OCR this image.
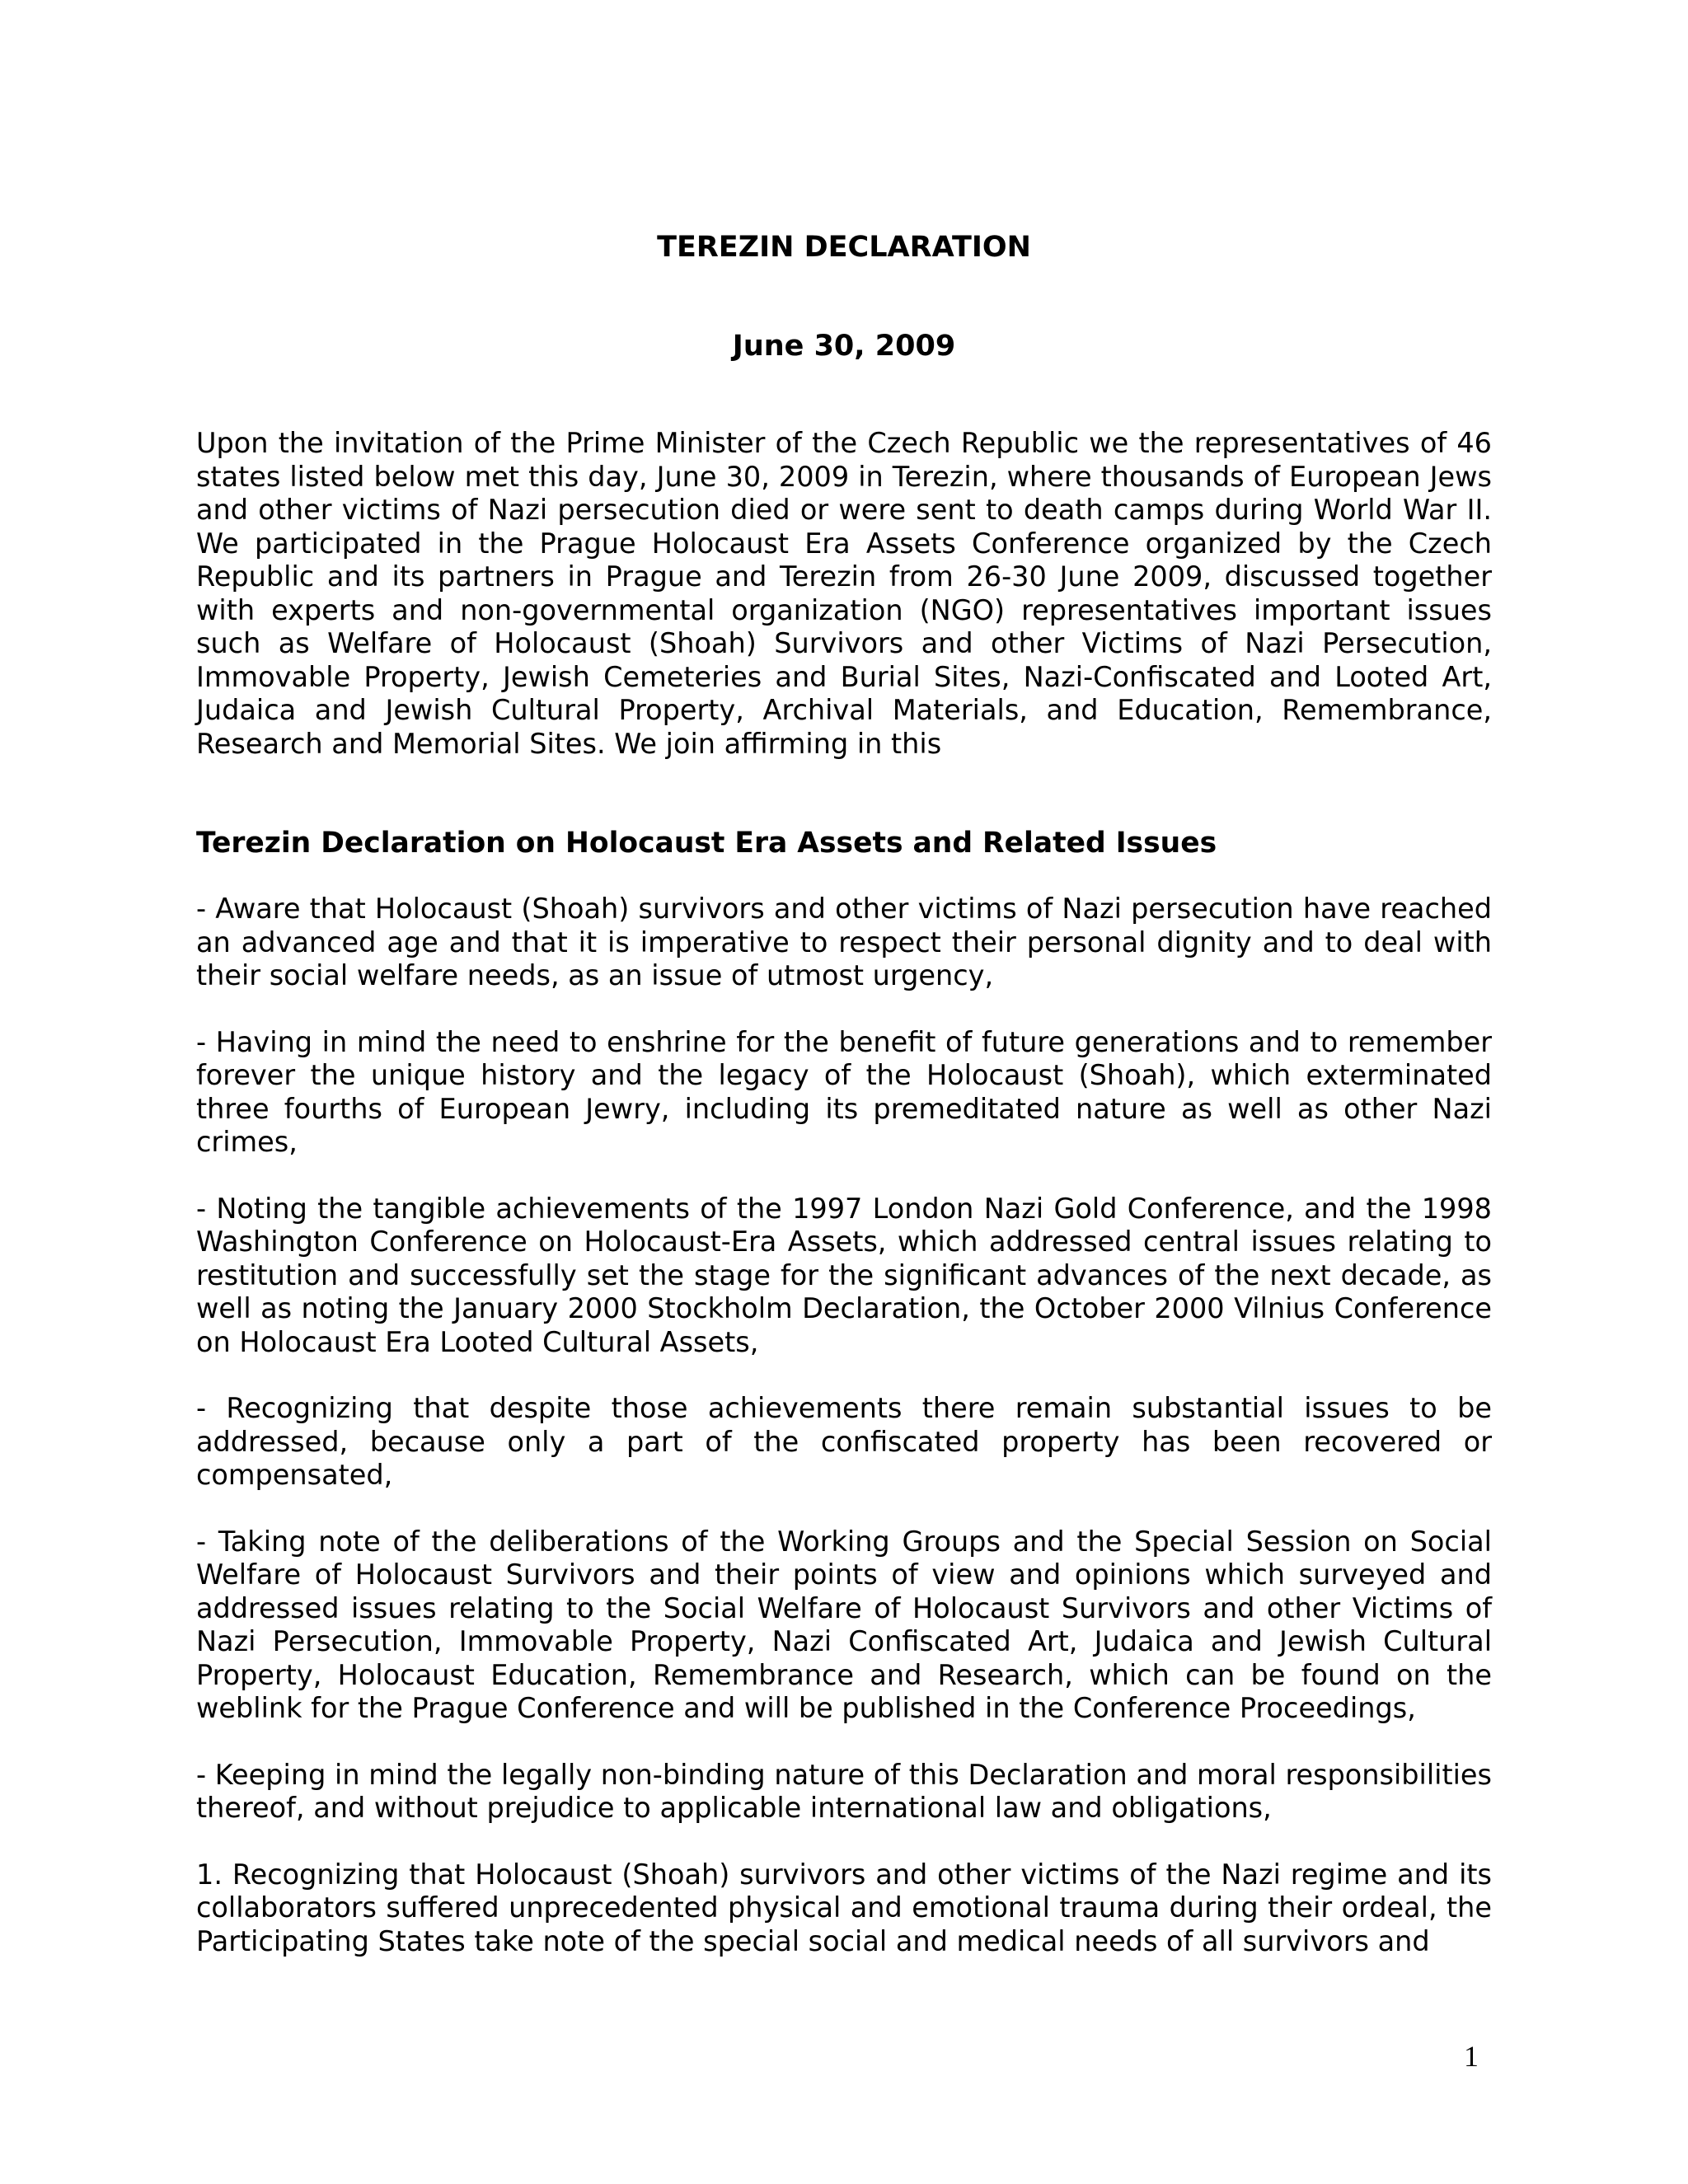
TEREZIN DECLARATION

June 30, 2009

Upon the invitation of the Prime Minister of the Czech Republic we the representatives of 46 states listed below met this day, June 30, 2009 in Terezin, where thousands of European Jews and other victims of Nazi persecution died or were sent to death camps during World War II. We participated in the Prague Holocaust Era Assets Conference organized by the Czech Republic and its partners in Prague and Terezin from 26-30 June 2009, discussed together with experts and non-governmental organization (NGO) representatives important issues such as Welfare of Holocaust (Shoah) Survivors and other Victims of Nazi Persecution, Immovable Property, Jewish Cemeteries and Burial Sites, Nazi-Confiscated and Looted Art, Judaica and Jewish Cultural Property, Archival Materials, and Education, Remembrance, Research and Memorial Sites. We join affirming in this

Terezin Declaration on Holocaust Era Assets and Related Issues

- Aware that Holocaust (Shoah) survivors and other victims of Nazi persecution have reached an advanced age and that it is imperative to respect their personal dignity and to deal with their social welfare needs, as an issue of utmost urgency,

- Having in mind the need to enshrine for the benefit of future generations and to remember forever the unique history and the legacy of the Holocaust (Shoah), which exterminated three fourths of European Jewry, including its premeditated nature as well as other Nazi crimes,

- Noting the tangible achievements of the 1997 London Nazi Gold Conference, and the 1998 Washington Conference on Holocaust-Era Assets, which addressed central issues relating to restitution and successfully set the stage for the significant advances of the next decade, as well as noting the January 2000 Stockholm Declaration, the October 2000 Vilnius Conference on Holocaust Era Looted Cultural Assets,

- Recognizing that despite those achievements there remain substantial issues to be addressed, because only a part of the confiscated property has been recovered or compensated,

- Taking note of the deliberations of the Working Groups and the Special Session on Social Welfare of Holocaust Survivors and their points of view and opinions which surveyed and addressed issues relating to the Social Welfare of Holocaust Survivors and other Victims of Nazi Persecution, Immovable Property, Nazi Confiscated Art, Judaica and Jewish Cultural Property, Holocaust Education, Remembrance and Research, which can be found on the weblink for the Prague Conference and will be published in the Conference Proceedings,

- Keeping in mind the legally non-binding nature of this Declaration and moral responsibilities thereof, and without prejudice to applicable international law and obligations,

1. Recognizing that Holocaust (Shoah) survivors and other victims of the Nazi regime and its collaborators suffered unprecedented physical and emotional trauma during their ordeal, the Participating States take note of the special social and medical needs of all survivors and

1
